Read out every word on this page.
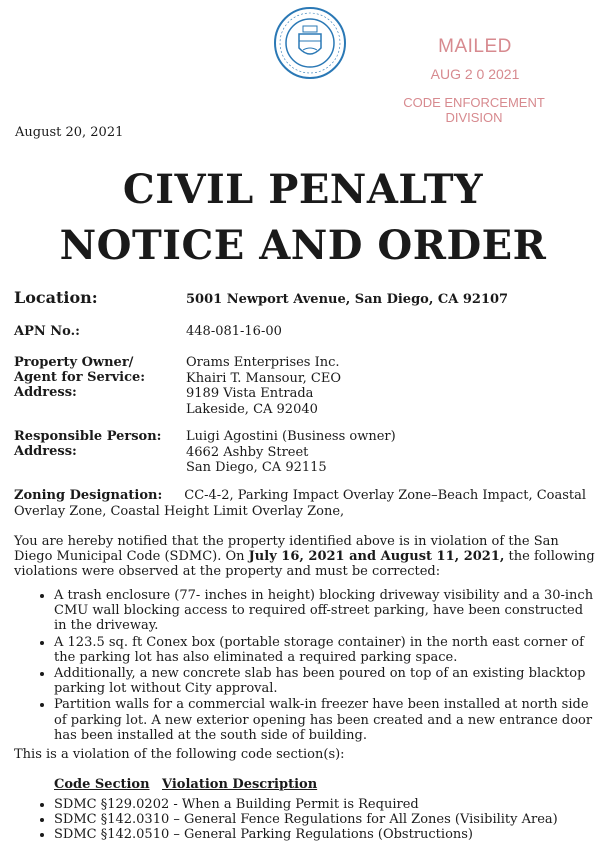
MAILED
AUG 2 0 2021
CODE ENFORCEMENT
DIVISION
August 20, 2021
CIVIL PENALTY
NOTICE AND ORDER
Location:	5001 Newport Avenue, San Diego, CA 92107
APN No.:	448-081-16-00
Property Owner/
Agent for Service:
Address:
Orams Enterprises Inc.
Khairi T. Mansour, CEO
9189 Vista Entrada
Lakeside, CA 92040
Responsible Person:
Address:
Luigi Agostini (Business owner)
4662 Ashby Street
San Diego, CA 92115
Zoning Designation: CC-4-2, Parking Impact Overlay Zone–Beach Impact, Coastal Overlay Zone, Coastal Height Limit Overlay Zone,
You are hereby notified that the property identified above is in violation of the San Diego Municipal Code (SDMC). On July 16, 2021 and August 11, 2021, the following violations were observed at the property and must be corrected:
• A trash enclosure (77- inches in height) blocking driveway visibility and a 30-inch CMU wall blocking access to required off-street parking, have been constructed in the driveway.
• A 123.5 sq. ft Conex box (portable storage container) in the north east corner of the parking lot has also eliminated a required parking space.
• Additionally, a new concrete slab has been poured on top of an existing blacktop parking lot without City approval.
• Partition walls for a commercial walk-in freezer have been installed at north side of parking lot. A new exterior opening has been created and a new entrance door has been installed at the south side of building.
This is a violation of the following code section(s):
Code Section Violation Description
• SDMC §129.0202 - When a Building Permit is Required
• SDMC §142.0310 – General Fence Regulations for All Zones (Visibility Area)
• SDMC §142.0510 – General Parking Regulations (Obstructions)
